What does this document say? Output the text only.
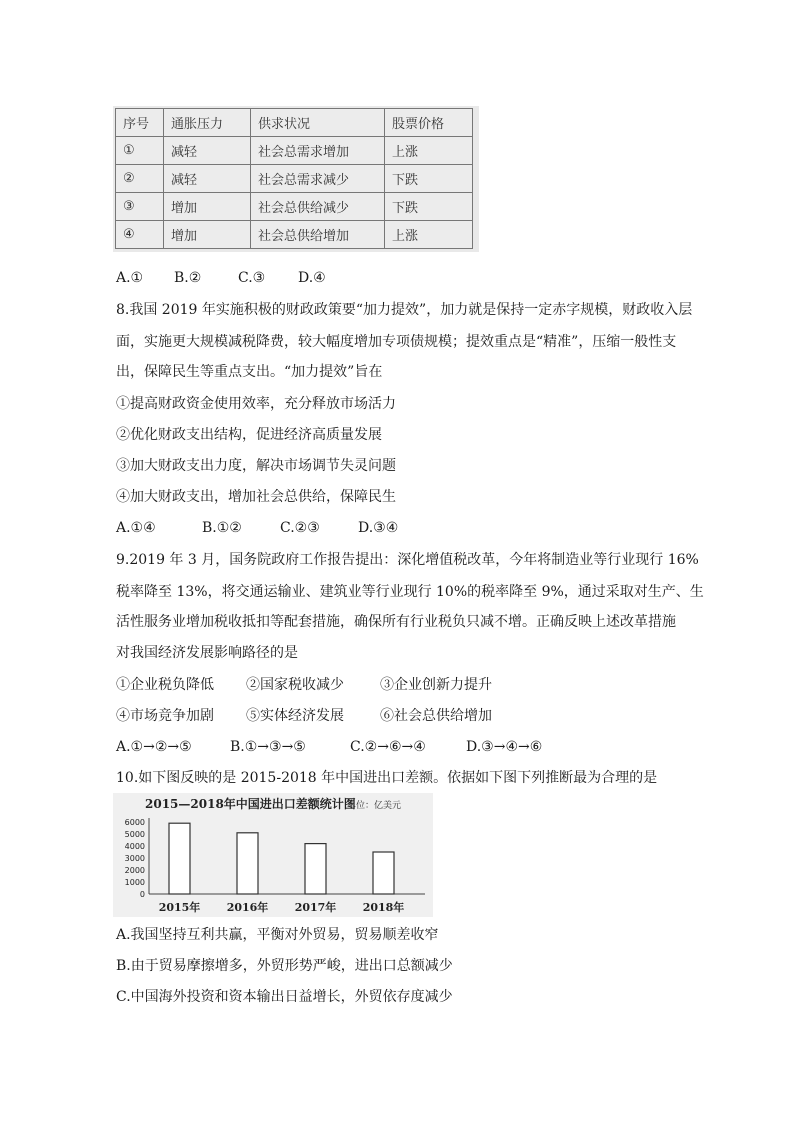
序号	通胀压力	供求状况	股票价格
①	减轻	社会总需求增加	上涨
②	减轻	社会总需求减少	下跌
③	增加	社会总供给减少	下跌
④	增加	社会总供给增加	上涨
A.① B.②	C.③ D.④
8.我国 2019 年实施积极的财政政策要“加力提效”，加力就是保持一定赤字规模，财政收入层
面，实施更大规模减税降费，较大幅度增加专项债规模；提效重点是“精准”，压缩一般性支
出，保障民生等重点支出。“加力提效”旨在
①提高财政资金使用效率，充分释放市场活力
②优化财政支出结构，促进经济高质量发展
③加大财政支出力度，解决市场调节失灵问题
④加大财政支出，增加社会总供给，保障民生
A.①④	B.①②	C.②③	D.③④
9.2019 年 3 月，国务院政府工作报告提出：深化增值税改革，今年将制造业等行业现行 16%
税率降至 13%，将交通运输业、建筑业等行业现行 10%的税率降至 9%，通过采取对生产、生
活性服务业增加税收抵扣等配套措施，确保所有行业税负只减不增。正确反映上述改革措施
对我国经济发展影响路径的是
①企业税负降低 ②国家税收减少	③企业创新力提升
④市场竞争加剧 ⑤实体经济发展	⑥社会总供给增加
A.①→②→⑤	B.①→③→⑤	C.②→⑥→④	D.③→④→⑥
10.如下图反映的是 2015-2018 年中国进出口差额。依据如下图下列推断最为合理的是
2015—2018年中国进出口差额统计图
单位：亿美元
6000
5000
4000
3000
2000
1000
0
2015年 2016年 2017年 2018年
A.我国坚持互利共赢，平衡对外贸易，贸易顺差收窄
B.由于贸易摩擦增多，外贸形势严峻，进出口总额减少
C.中国海外投资和资本输出日益增长，外贸依存度减少
